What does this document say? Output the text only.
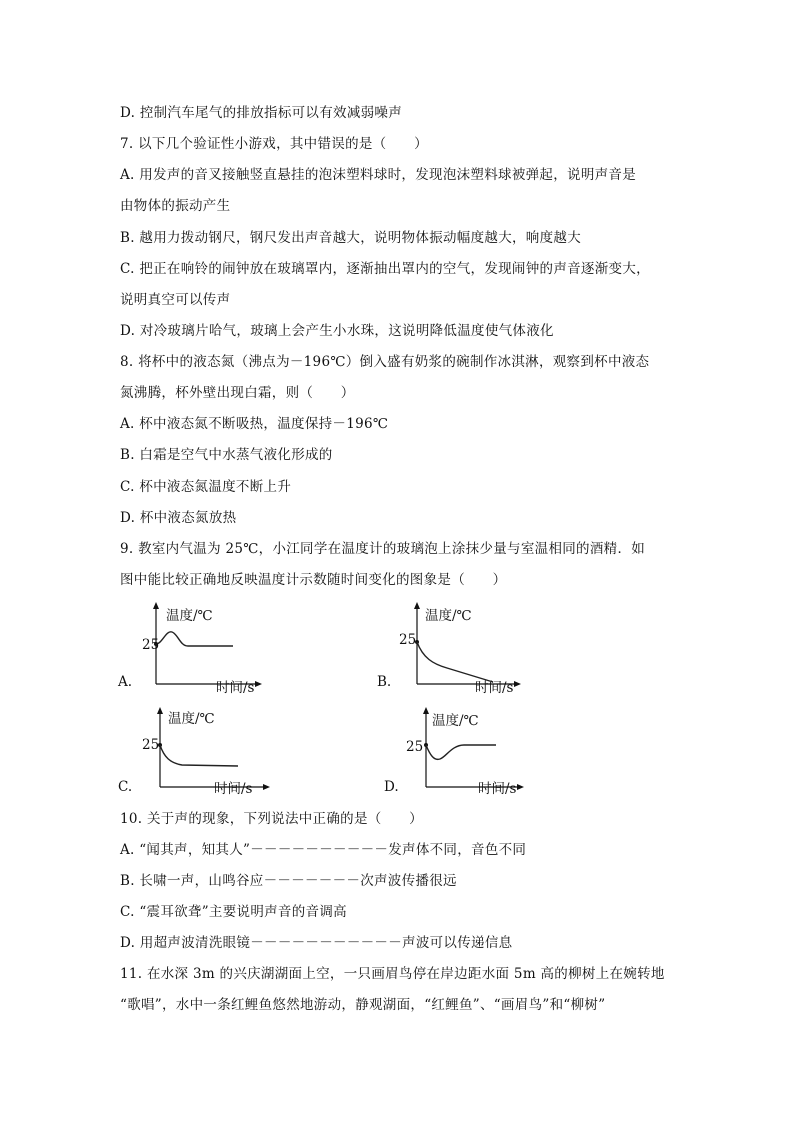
D. 控制汽车尾气的排放指标可以有效减弱噪声
7. 以下几个验证性小游戏，其中错误的是（　　）
A. 用发声的音叉接触竖直悬挂的泡沫塑料球时，发现泡沫塑料球被弹起，说明声音是
由物体的振动产生
B. 越用力拨动钢尺，钢尺发出声音越大，说明物体振动幅度越大，响度越大
C. 把正在响铃的闹钟放在玻璃罩内，逐渐抽出罩内的空气，发现闹钟的声音逐渐变大，
说明真空可以传声
D. 对冷玻璃片哈气，玻璃上会产生小水珠，这说明降低温度使气体液化
8. 将杯中的液态氮（沸点为－196℃）倒入盛有奶浆的碗制作冰淇淋，观察到杯中液态
氮沸腾，杯外壁出现白霜，则（　　）
A. 杯中液态氮不断吸热，温度保持－196℃
B. 白霜是空气中水蒸气液化形成的
C. 杯中液态氮温度不断上升
D. 杯中液态氮放热
9. 教室内气温为 25℃，小江同学在温度计的玻璃泡上涂抹少量与室温相同的酒精．如
图中能比较正确地反映温度计示数随时间变化的图象是（　　）
A.
温度/℃
25
时间/s	B.
温度/℃
25
时间/s
C.
温度/℃
25
时间/s	D.
温度/℃
25
时间/s
10. 关于声的现象，下列说法中正确的是（　　）
A. “闻其声，知其人”－－－－－－－－－－发声体不同，音色不同
B. 长啸一声，山鸣谷应－－－－－－－次声波传播很远
C. “震耳欲聋”主要说明声音的音调高
D. 用超声波清洗眼镜－－－－－－－－－－－声波可以传递信息
11. 在水深 3m 的兴庆湖湖面上空，一只画眉鸟停在岸边距水面 5m 高的柳树上在婉转地
“歌唱”，水中一条红鲤鱼悠然地游动，静观湖面，“红鲤鱼”、“画眉鸟”和“柳树”
